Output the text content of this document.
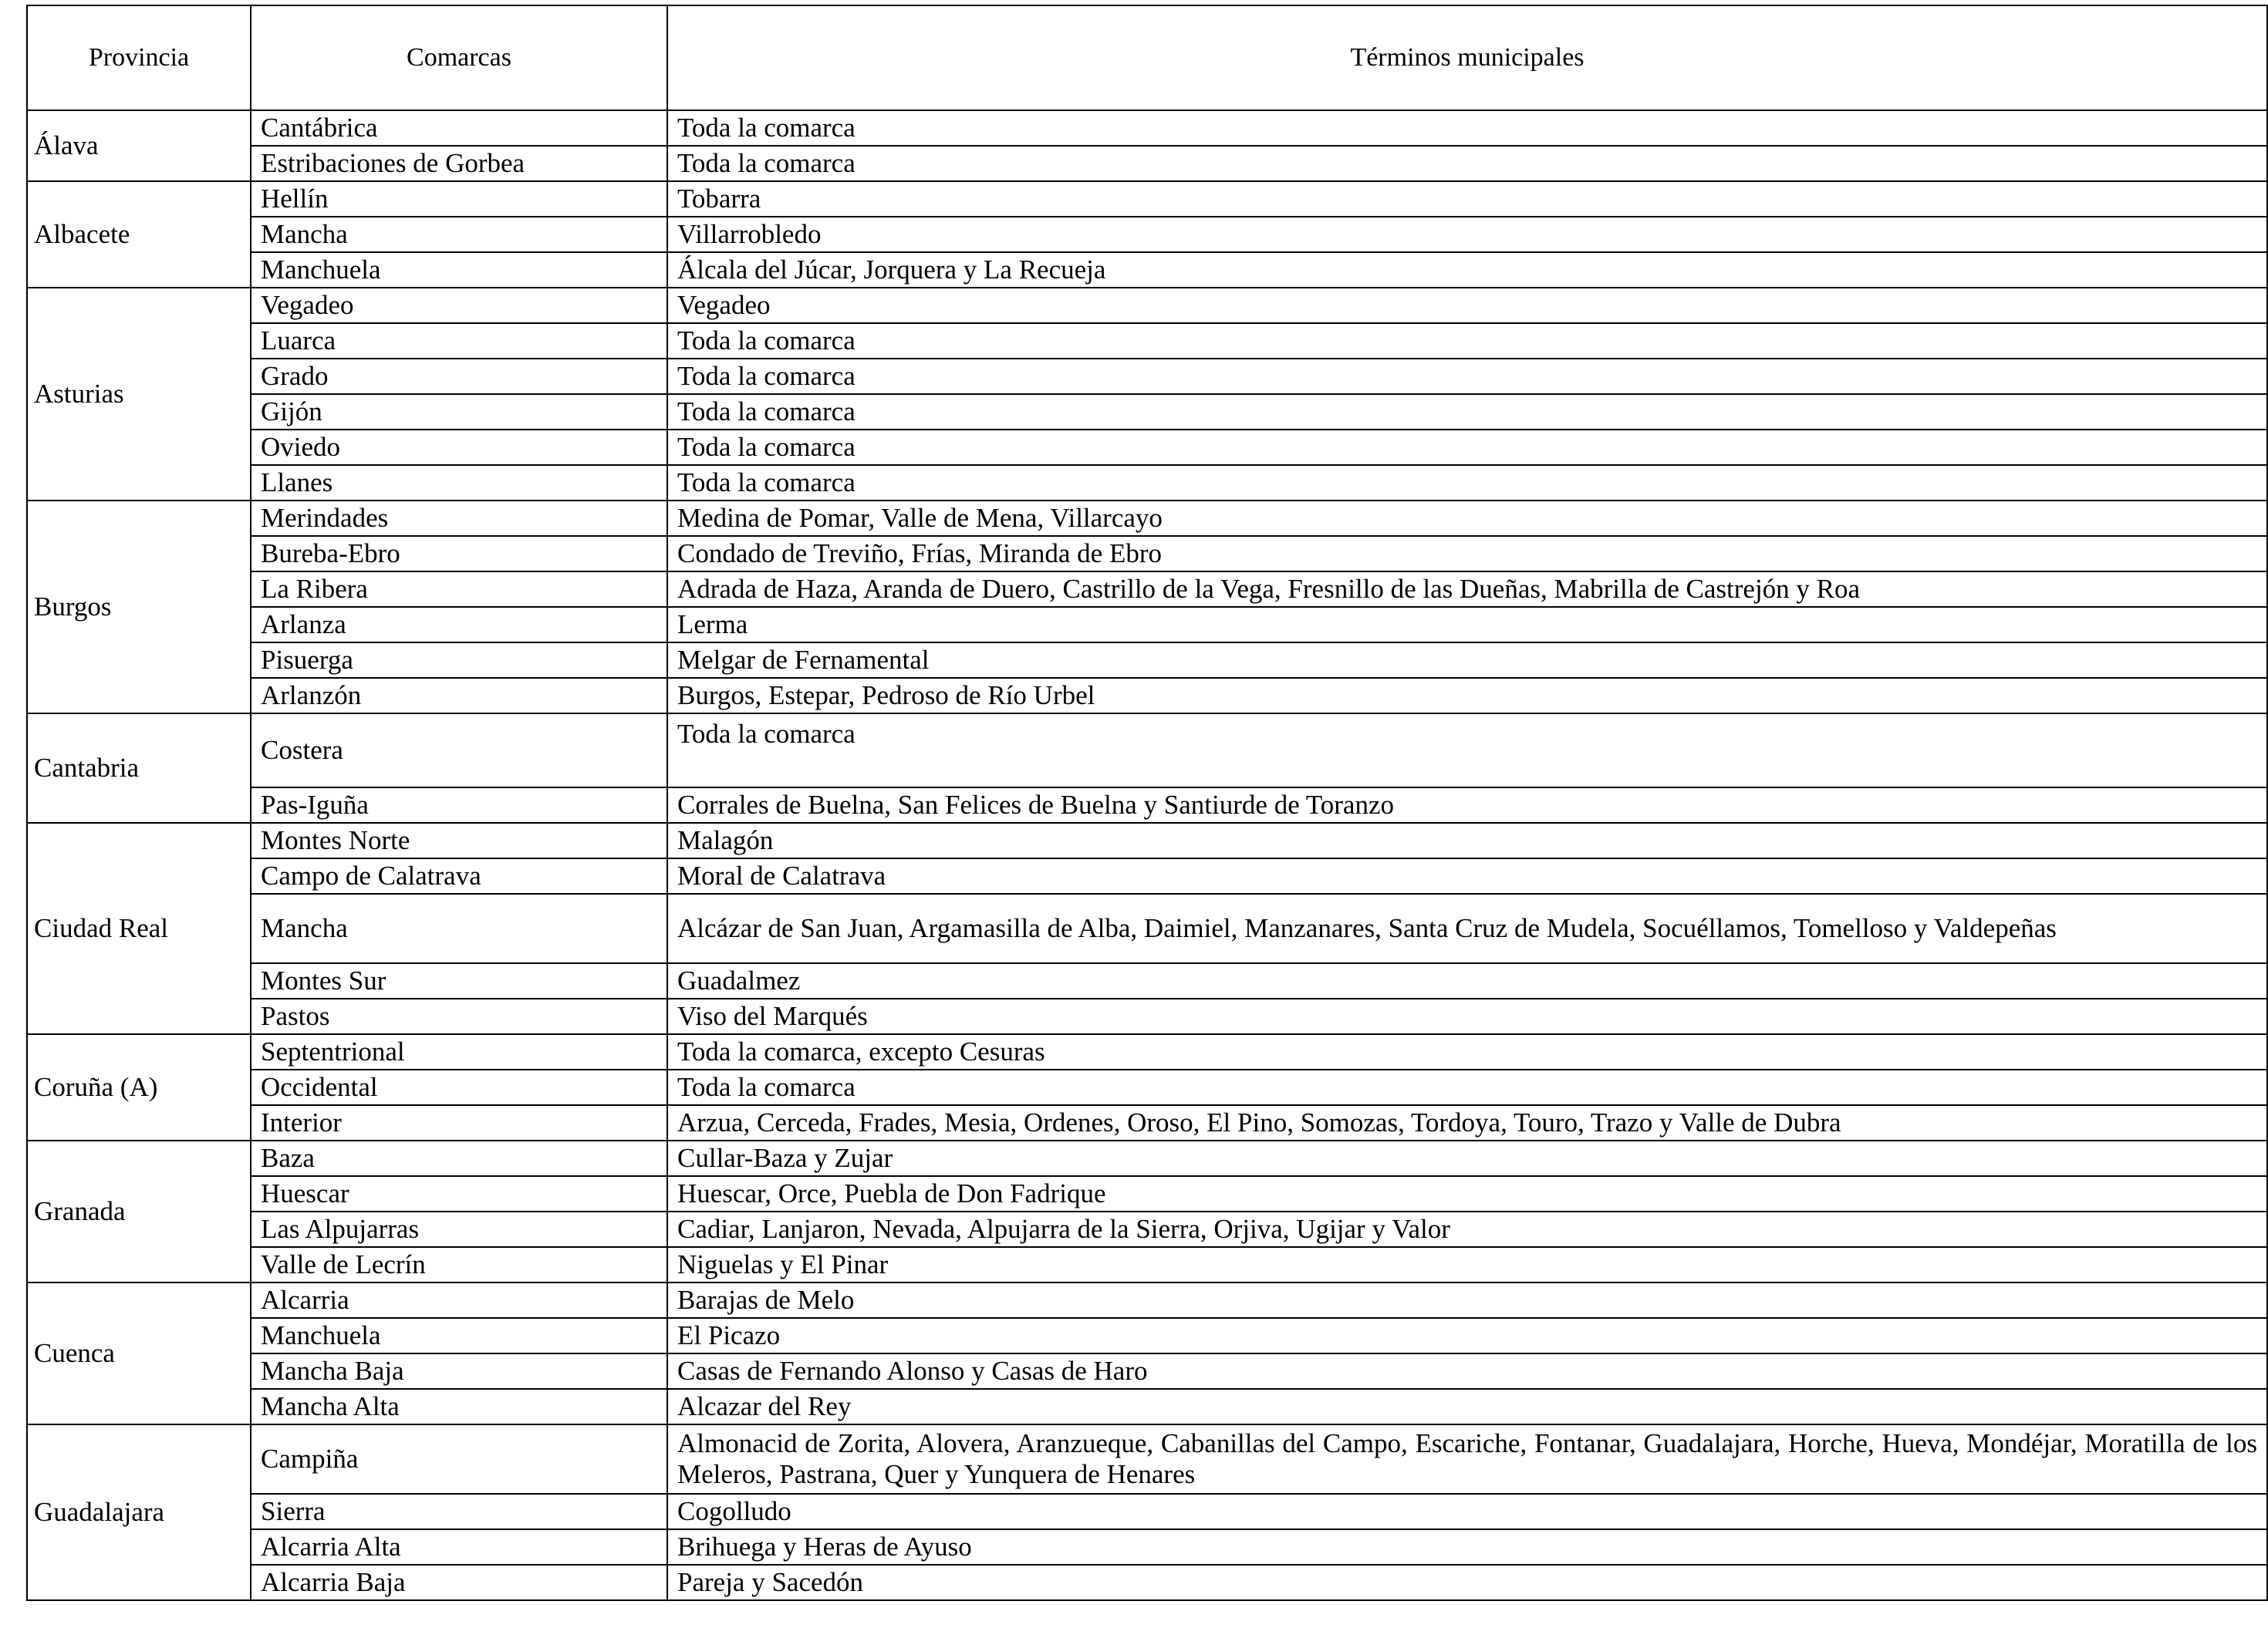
Provincia	Comarcas	Términos municipales
Álava	Cantábrica	Toda la comarca
	Estribaciones de Gorbea	Toda la comarca
Albacete	Hellín	Tobarra
	Mancha	Villarrobledo
	Manchuela	Álcala del Júcar, Jorquera y La Recueja
Asturias	Vegadeo	Vegadeo
	Luarca	Toda la comarca
	Grado	Toda la comarca
	Gijón	Toda la comarca
	Oviedo	Toda la comarca
	Llanes	Toda la comarca
Burgos	Merindades	Medina de Pomar, Valle de Mena, Villarcayo
	Bureba-Ebro	Condado de Treviño, Frías, Miranda de Ebro
	La Ribera	Adrada de Haza, Aranda de Duero, Castrillo de la Vega, Fresnillo de las Dueñas, Mabrilla de Castrejón y Roa
	Arlanza	Lerma
	Pisuerga	Melgar de Fernamental
	Arlanzón	Burgos, Estepar, Pedroso de Río Urbel
Cantabria	Costera	Toda la comarca
	Pas-Iguña	Corrales de Buelna, San Felices de Buelna y Santiurde de Toranzo
Ciudad Real	Montes Norte	Malagón
	Campo de Calatrava	Moral de Calatrava
	Mancha	Alcázar de San Juan, Argamasilla de Alba, Daimiel, Manzanares, Santa Cruz de Mudela, Socuéllamos, Tomelloso y Valdepeñas
	Montes Sur	Guadalmez
	Pastos	Viso del Marqués
Coruña (A)	Septentrional	Toda la comarca, excepto Cesuras
	Occidental	Toda la comarca
	Interior	Arzua, Cerceda, Frades, Mesia, Ordenes, Oroso, El Pino, Somozas, Tordoya, Touro, Trazo y Valle de Dubra
Granada	Baza	Cullar-Baza y Zujar
	Huescar	Huescar, Orce, Puebla de Don Fadrique
	Las Alpujarras	Cadiar, Lanjaron, Nevada, Alpujarra de la Sierra, Orjiva, Ugijar y Valor
	Valle de Lecrín	Niguelas y El Pinar
Cuenca	Alcarria	Barajas de Melo
	Manchuela	El Picazo
	Mancha Baja	Casas de Fernando Alonso y Casas de Haro
	Mancha Alta	Alcazar del Rey
Guadalajara	Campiña	Almonacid de Zorita, Alovera, Aranzueque, Cabanillas del Campo, Escariche, Fontanar, Guadalajara, Horche, Hueva, Mondéjar, Moratilla de los Meleros, Pastrana, Quer y Yunquera de Henares
	Sierra	Cogolludo
	Alcarria Alta	Brihuega y Heras de Ayuso
	Alcarria Baja	Pareja y Sacedón
